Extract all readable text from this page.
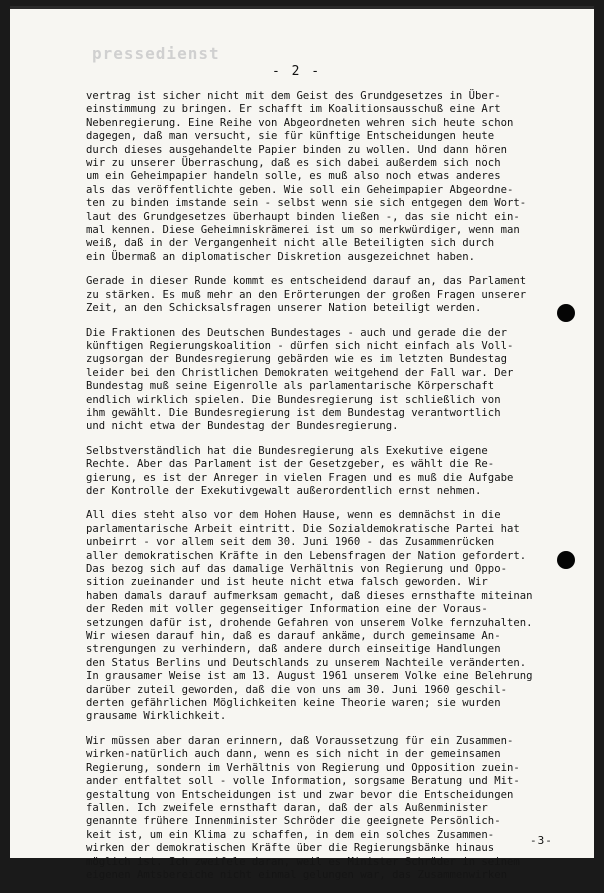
pressedienst
- 2 -
vertrag ist sicher nicht mit dem Geist des Grundgesetzes in Über-
einstimmung zu bringen. Er schafft im Koalitionsausschuß eine Art
Nebenregierung. Eine Reihe von Abgeordneten wehren sich heute schon
dagegen, daß man versucht, sie für künftige Entscheidungen heute
durch dieses ausgehandelte Papier binden zu wollen. Und dann hören
wir zu unserer Überraschung, daß es sich dabei außerdem sich noch
um ein Geheimpapier handeln solle, es muß also noch etwas anderes
als das veröffentlichte geben. Wie soll ein Geheimpapier Abgeordne-
ten zu binden imstande sein - selbst wenn sie sich entgegen dem Wort-
laut des Grundgesetzes überhaupt binden ließen -, das sie nicht ein-
mal kennen. Diese Geheimniskrämerei ist um so merkwürdiger, wenn man
weiß, daß in der Vergangenheit nicht alle Beteiligten sich durch
ein Übermaß an diplomatischer Diskretion ausgezeichnet haben.
Gerade in dieser Runde kommt es entscheidend darauf an, das Parlament
zu stärken. Es muß mehr an den Erörterungen der großen Fragen unserer
Zeit, an den Schicksalsfragen unserer Nation beteiligt werden.
Die Fraktionen des Deutschen Bundestages - auch und gerade die der
künftigen Regierungskoalition - dürfen sich nicht einfach als Voll-
zugsorgan der Bundesregierung gebärden wie es im letzten Bundestag
leider bei den Christlichen Demokraten weitgehend der Fall war. Der
Bundestag muß seine Eigenrolle als parlamentarische Körperschaft
endlich wirklich spielen. Die Bundesregierung ist schließlich von
ihm gewählt. Die Bundesregierung ist dem Bundestag verantwortlich
und nicht etwa der Bundestag der Bundesregierung.
Selbstverständlich hat die Bundesregierung als Exekutive eigene
Rechte. Aber das Parlament ist der Gesetzgeber, es wählt die Re-
gierung, es ist der Anreger in vielen Fragen und es muß die Aufgabe
der Kontrolle der Exekutivgewalt außerordentlich ernst nehmen.
All dies steht also vor dem Hohen Hause, wenn es demnächst in die
parlamentarische Arbeit eintritt. Die Sozialdemokratische Partei hat
unbeirrt - vor allem seit dem 30. Juni 1960 - das Zusammenrücken
aller demokratischen Kräfte in den Lebensfragen der Nation gefordert.
Das bezog sich auf das damalige Verhältnis von Regierung und Oppo-
sition zueinander und ist heute nicht etwa falsch geworden. Wir
haben damals darauf aufmerksam gemacht, daß dieses ernsthafte miteinan
der Reden mit voller gegenseitiger Information eine der Voraus-
setzungen dafür ist, drohende Gefahren von unserem Volke fernzuhalten.
Wir wiesen darauf hin, daß es darauf ankäme, durch gemeinsame An-
strengungen zu verhindern, daß andere durch einseitige Handlungen
den Status Berlins und Deutschlands zu unserem Nachteile veränderten.
In grausamer Weise ist am 13. August 1961 unserem Volke eine Belehrung
darüber zuteil geworden, daß die von uns am 30. Juni 1960 geschil-
derten gefährlichen Möglichkeiten keine Theorie waren; sie wurden
grausame Wirklichkeit.
Wir müssen aber daran erinnern, daß Voraussetzung für ein Zusammen-
wirken-natürlich auch dann, wenn es sich nicht in der gemeinsamen
Regierung, sondern im Verhältnis von Regierung und Opposition zuein-
ander entfaltet soll - volle Information, sorgsame Beratung und Mit-
gestaltung von Entscheidungen ist und zwar bevor die Entscheidungen
fallen. Ich zweifele ernsthaft daran, daß der als Außenminister
genannte frühere Innenminister Schröder die geeignete Persönlich-
keit ist, um ein Klima zu schaffen, in dem ein solches Zusammen-
wirken der demokratischen Kräfte über die Regierungsbänke hinaus
möglich ist. Ich zweifele daran, weil es Minister Schröder in seinem
eigenen Amtsbereiche nicht einmal gelungen war, das Zusammenwirken
-3-
